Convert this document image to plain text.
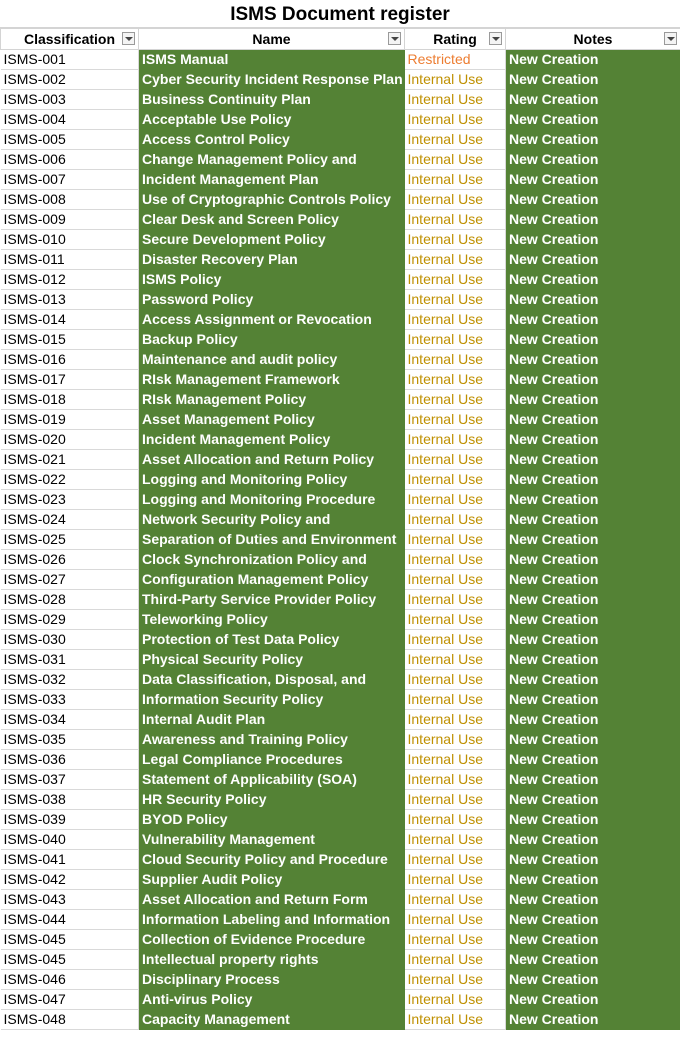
ISMS Document register
Classification	Name	Rating	Notes

ISMS-001	ISMS Manual	Restricted	New Creation
ISMS-002	Cyber Security Incident Response Plan	Internal Use	New Creation
ISMS-003	Business Continuity Plan	Internal Use	New Creation
ISMS-004	Acceptable Use Policy	Internal Use	New Creation
ISMS-005	Access Control Policy	Internal Use	New Creation
ISMS-006	Change Management Policy and	Internal Use	New Creation
ISMS-007	Incident Management Plan	Internal Use	New Creation
ISMS-008	Use of Cryptographic Controls Policy	Internal Use	New Creation
ISMS-009	Clear Desk and Screen Policy	Internal Use	New Creation
ISMS-010	Secure Development Policy	Internal Use	New Creation
ISMS-011	Disaster Recovery Plan	Internal Use	New Creation
ISMS-012	ISMS Policy	Internal Use	New Creation
ISMS-013	Password Policy	Internal Use	New Creation
ISMS-014	Access Assignment or Revocation	Internal Use	New Creation
ISMS-015	Backup Policy	Internal Use	New Creation
ISMS-016	Maintenance and audit policy	Internal Use	New Creation
ISMS-017	RIsk Management Framework	Internal Use	New Creation
ISMS-018	RIsk Management Policy	Internal Use	New Creation
ISMS-019	Asset Management Policy	Internal Use	New Creation
ISMS-020	Incident Management Policy	Internal Use	New Creation
ISMS-021	Asset Allocation and Return Policy	Internal Use	New Creation
ISMS-022	Logging and Monitoring Policy	Internal Use	New Creation
ISMS-023	Logging and Monitoring Procedure	Internal Use	New Creation
ISMS-024	Network Security Policy and	Internal Use	New Creation
ISMS-025	Separation of Duties and Environment	Internal Use	New Creation
ISMS-026	Clock Synchronization Policy and	Internal Use	New Creation
ISMS-027	Configuration Management Policy	Internal Use	New Creation
ISMS-028	Third-Party Service Provider Policy	Internal Use	New Creation
ISMS-029	Teleworking Policy	Internal Use	New Creation
ISMS-030	Protection of Test Data Policy	Internal Use	New Creation
ISMS-031	Physical Security Policy	Internal Use	New Creation
ISMS-032	Data Classification, Disposal, and	Internal Use	New Creation
ISMS-033	Information Security Policy	Internal Use	New Creation
ISMS-034	Internal Audit Plan	Internal Use	New Creation
ISMS-035	Awareness and Training Policy	Internal Use	New Creation
ISMS-036	Legal Compliance Procedures	Internal Use	New Creation
ISMS-037	Statement of Applicability (SOA)	Internal Use	New Creation
ISMS-038	HR Security Policy	Internal Use	New Creation
ISMS-039	BYOD Policy	Internal Use	New Creation
ISMS-040	Vulnerability Management	Internal Use	New Creation
ISMS-041	Cloud Security Policy and Procedure	Internal Use	New Creation
ISMS-042	Supplier Audit Policy	Internal Use	New Creation
ISMS-043	Asset Allocation and Return Form	Internal Use	New Creation
ISMS-044	Information Labeling and Information	Internal Use	New Creation
ISMS-045	Collection of Evidence Procedure	Internal Use	New Creation
ISMS-045	Intellectual property rights	Internal Use	New Creation
ISMS-046	Disciplinary Process	Internal Use	New Creation
ISMS-047	Anti-virus Policy	Internal Use	New Creation
ISMS-048	Capacity Management	Internal Use	New Creation
